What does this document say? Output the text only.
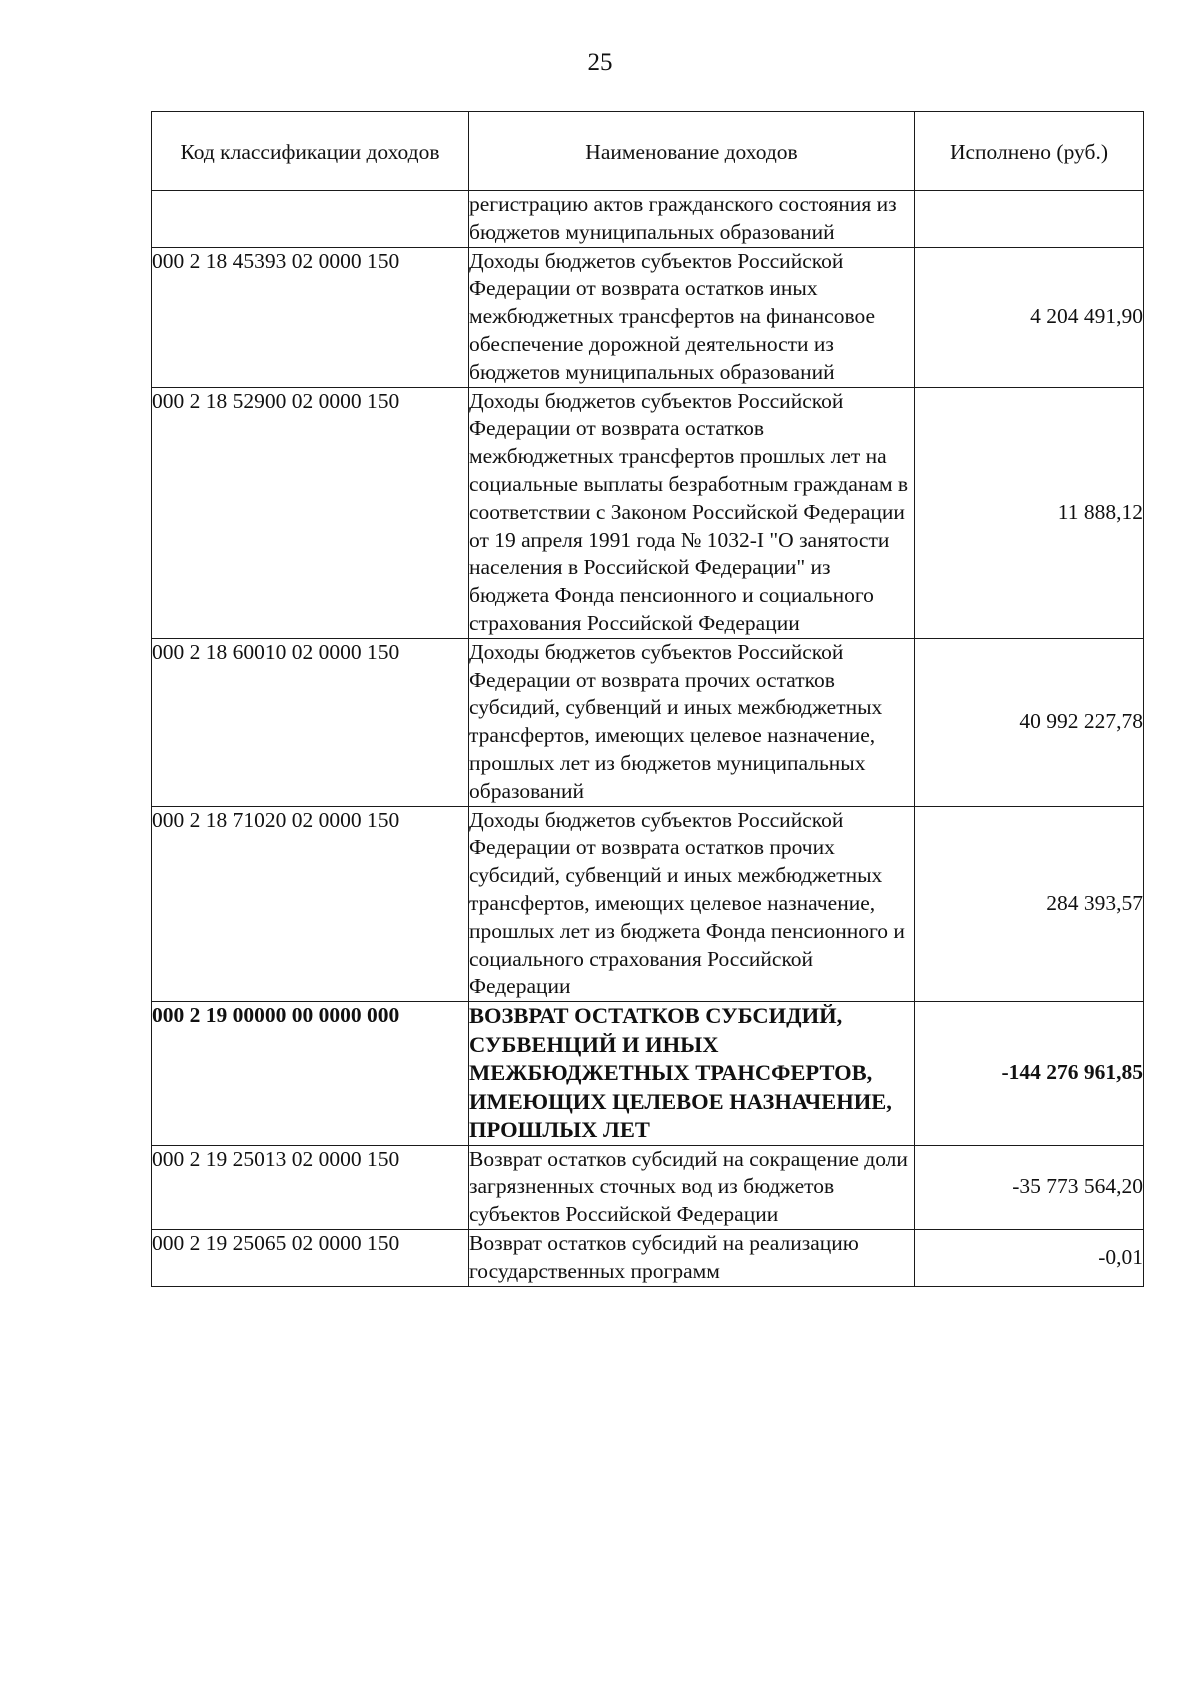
25
Код классификации доходов	Наименование доходов	Исполнено (руб.)
	регистрацию актов гражданского состояния из бюджетов муниципальных образований	
000 2 18 45393 02 0000 150	Доходы бюджетов субъектов Российской Федерации от возврата остатков иных межбюджетных трансфертов на финансовое обеспечение дорожной деятельности из бюджетов муниципальных образований	4 204 491,90
000 2 18 52900 02 0000 150	Доходы бюджетов субъектов Российской Федерации от возврата остатков межбюджетных трансфертов прошлых лет на социальные выплаты безработным гражданам в соответствии с Законом Российской Федерации от 19 апреля 1991 года № 1032-I "О занятости населения в Российской Федерации" из бюджета Фонда пенсионного и социального страхования Российской Федерации	11 888,12
000 2 18 60010 02 0000 150	Доходы бюджетов субъектов Российской Федерации от возврата прочих остатков субсидий, субвенций и иных межбюджетных трансфертов, имеющих целевое назначение, прошлых лет из бюджетов муниципальных образований	40 992 227,78
000 2 18 71020 02 0000 150	Доходы бюджетов субъектов Российской Федерации от возврата остатков прочих субсидий, субвенций и иных межбюджетных трансфертов, имеющих целевое назначение, прошлых лет из бюджета Фонда пенсионного и социального страхования Российской Федерации	284 393,57
000 2 19 00000 00 0000 000	ВОЗВРАТ ОСТАТКОВ СУБСИДИЙ, СУБВЕНЦИЙ И ИНЫХ МЕЖБЮДЖЕТНЫХ ТРАНСФЕРТОВ, ИМЕЮЩИХ ЦЕЛЕВОЕ НАЗНАЧЕНИЕ, ПРОШЛЫХ ЛЕТ	-144 276 961,85
000 2 19 25013 02 0000 150	Возврат остатков субсидий на сокращение доли загрязненных сточных вод из бюджетов субъектов Российской Федерации	-35 773 564,20
000 2 19 25065 02 0000 150	Возврат остатков субсидий на реализацию государственных программ	-0,01
